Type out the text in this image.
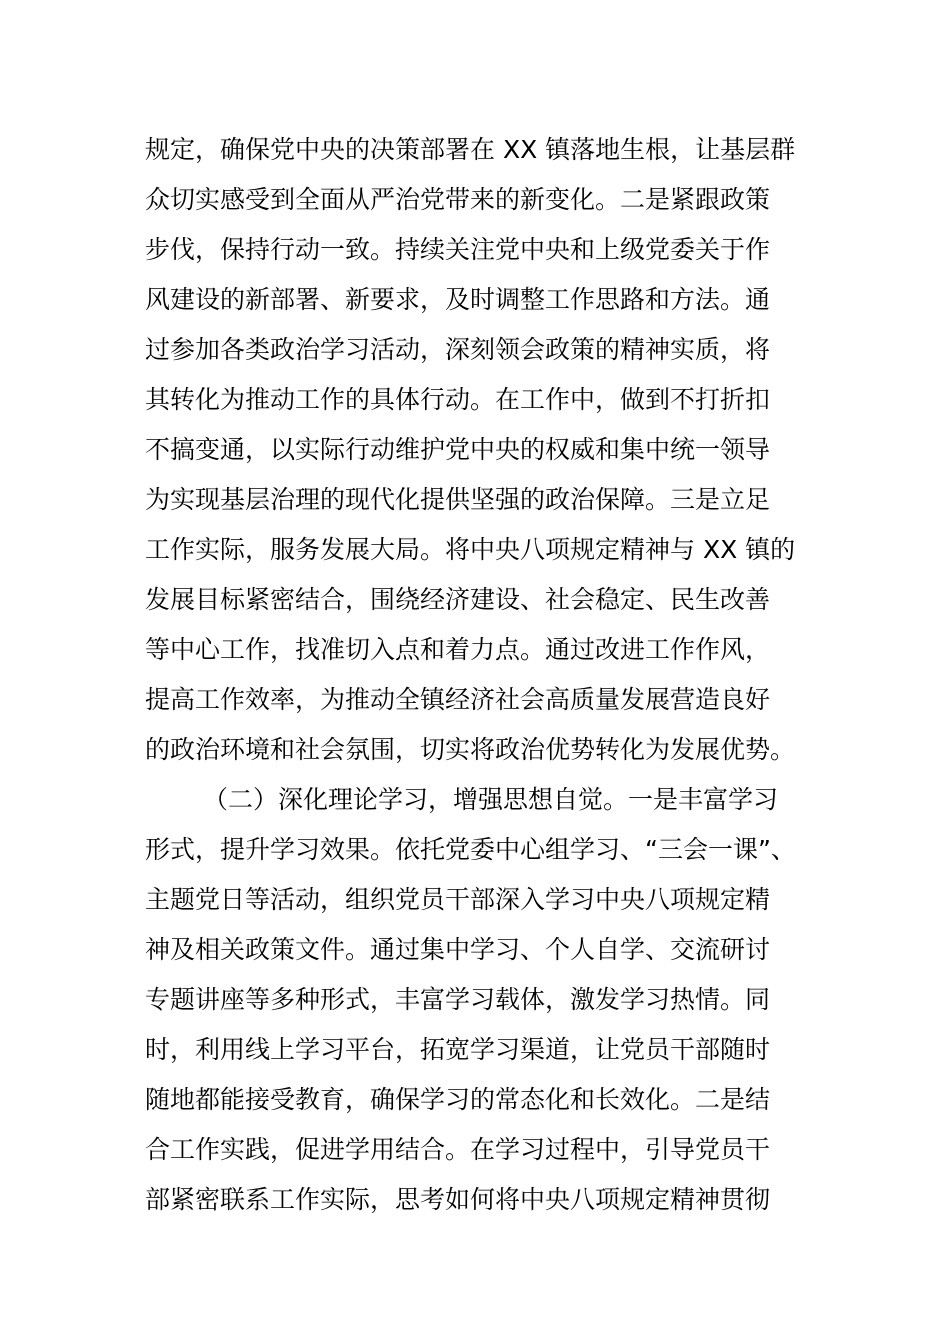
规定，确保党中央的决策部署在 XX 镇落地生根，让基层群
众切实感受到全面从严治党带来的新变化。二是紧跟政策
步伐，保持行动一致。持续关注党中央和上级党委关于作
风建设的新部署、新要求，及时调整工作思路和方法。通
过参加各类政治学习活动，深刻领会政策的精神实质，将
其转化为推动工作的具体行动。在工作中，做到不打折扣
不搞变通，以实际行动维护党中央的权威和集中统一领导
为实现基层治理的现代化提供坚强的政治保障。三是立足
工作实际，服务发展大局。将中央八项规定精神与 XX 镇的
发展目标紧密结合，围绕经济建设、社会稳定、民生改善
等中心工作，找准切入点和着力点。通过改进工作作风，
提高工作效率，为推动全镇经济社会高质量发展营造良好
的政治环境和社会氛围，切实将政治优势转化为发展优势。
（二）深化理论学习，增强思想自觉。一是丰富学习
形式，提升学习效果。依托党委中心组学习、“三会一课”、
主题党日等活动，组织党员干部深入学习中央八项规定精
神及相关政策文件。通过集中学习、个人自学、交流研讨
专题讲座等多种形式，丰富学习载体，激发学习热情。同
时，利用线上学习平台，拓宽学习渠道，让党员干部随时
随地都能接受教育，确保学习的常态化和长效化。二是结
合工作实践，促进学用结合。在学习过程中，引导党员干
部紧密联系工作实际，思考如何将中央八项规定精神贯彻
